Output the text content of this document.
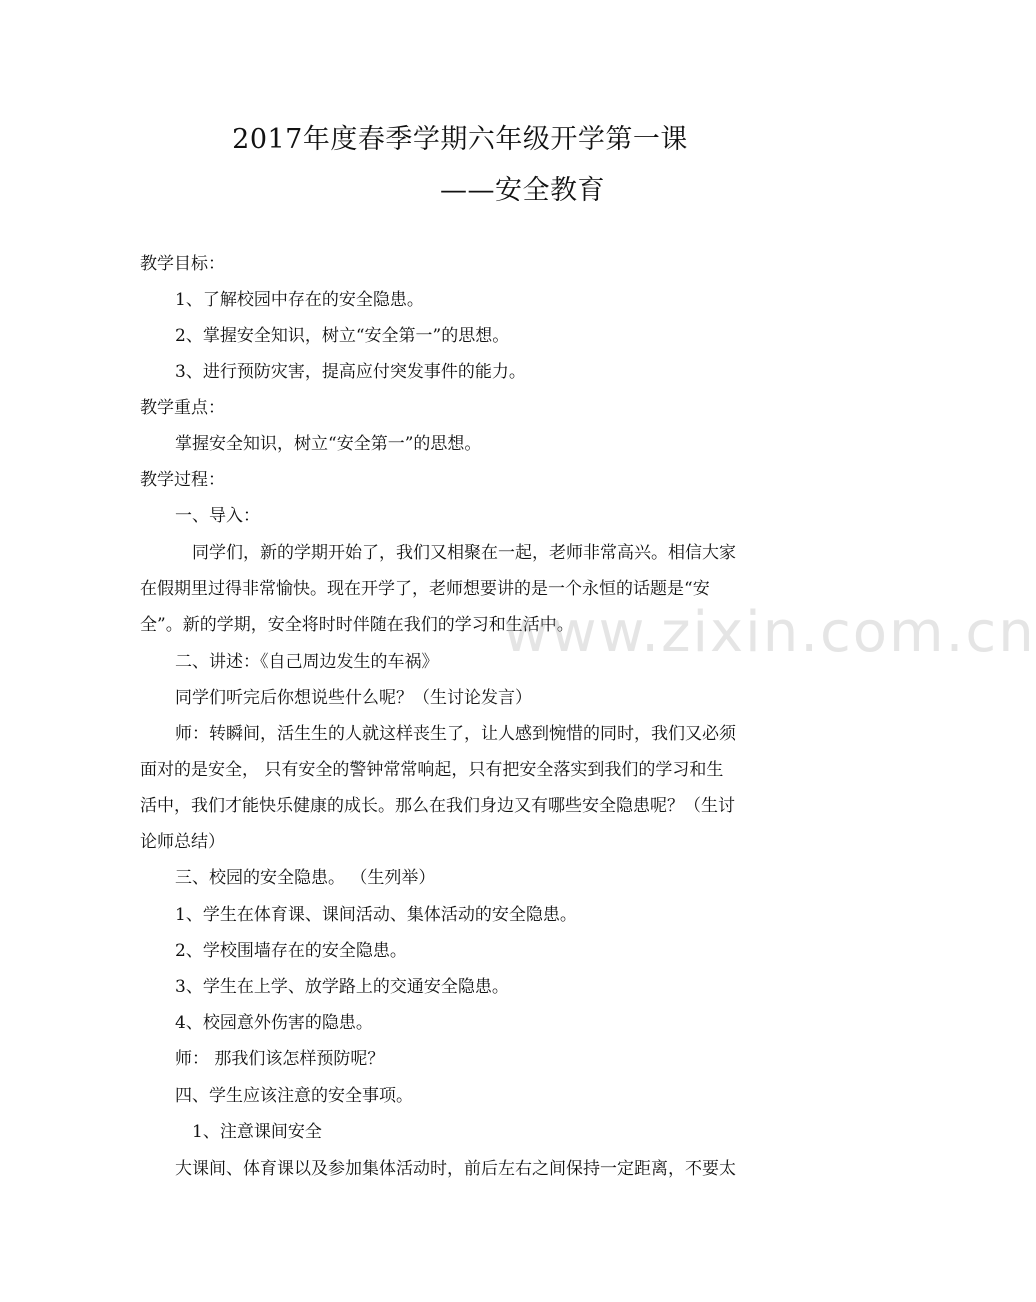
2017年度春季学期六年级开学第一课
——安全教育
教学目标：
1、了解校园中存在的安全隐患。
2、掌握安全知识，树立“安全第一”的思想。
3、进行预防灾害，提高应付突发事件的能力。
教学重点：
掌握安全知识，树立“安全第一”的思想。
教学过程：
一、导入：
同学们，新的学期开始了，我们又相聚在一起，老师非常高兴。相信大家
在假期里过得非常愉快。现在开学了，老师想要讲的是一个永恒的话题是“安
全”。新的学期，安全将时时伴随在我们的学习和生活中。
二、讲述：《自己周边发生的车祸》
同学们听完后你想说些什么呢？（生讨论发言）
师：转瞬间，活生生的人就这样丧生了，让人感到惋惜的同时，我们又必须
面对的是安全， 只有安全的警钟常常响起，只有把安全落实到我们的学习和生
活中，我们才能快乐健康的成长。那么在我们身边又有哪些安全隐患呢？（生讨
论师总结）
三、校园的安全隐患。 （生列举）
1、学生在体育课、课间活动、集体活动的安全隐患。
2、学校围墙存在的安全隐患。
3、学生在上学、放学路上的交通安全隐患。
4、校园意外伤害的隐患。
师： 那我们该怎样预防呢？
四、学生应该注意的安全事项。
1、注意课间安全
大课间、体育课以及参加集体活动时，前后左右之间保持一定距离，不要太
www.zixin.com.cn
